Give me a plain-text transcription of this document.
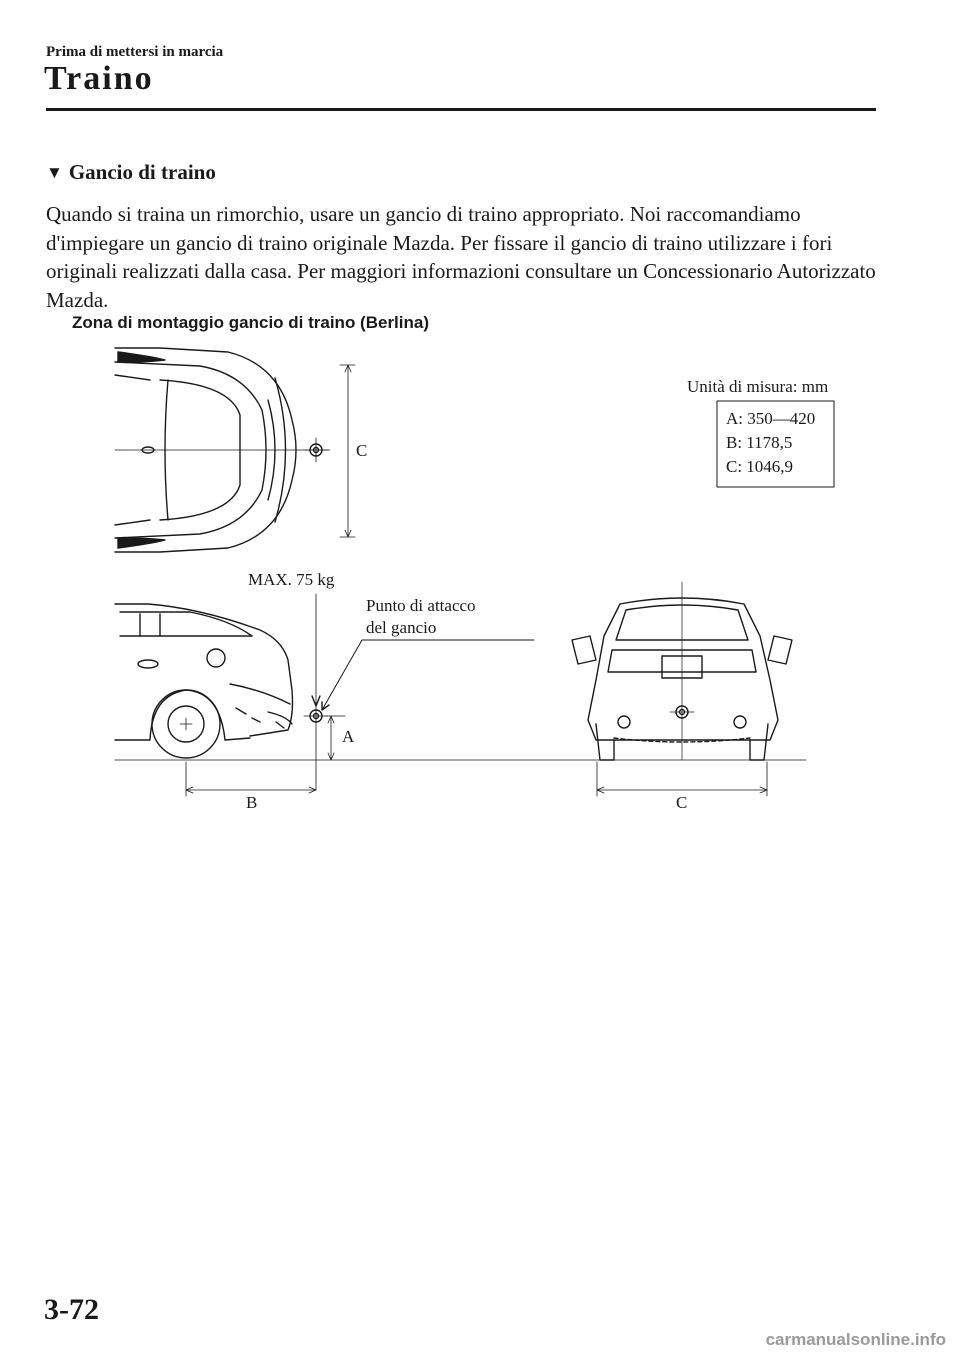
Prima di mettersi in marcia
Traino
▼ Gancio di traino

Quando si traina un rimorchio, usare un gancio di traino appropriato. Noi raccomandiamo d'impiegare un gancio di traino originale Mazda. Per fissare il gancio di traino utilizzare i fori originali realizzati dalla casa. Per maggiori informazioni consultare un Concessionario Autorizzato Mazda.

Zona di montaggio gancio di traino (Berlina)
C
Unità di misura: mm
A: 350—420
B: 1178,5
C: 1046,9
MAX. 75 kg
Punto di attacco
del gancio
A
B	C
3-72
carmanualsonline.info
